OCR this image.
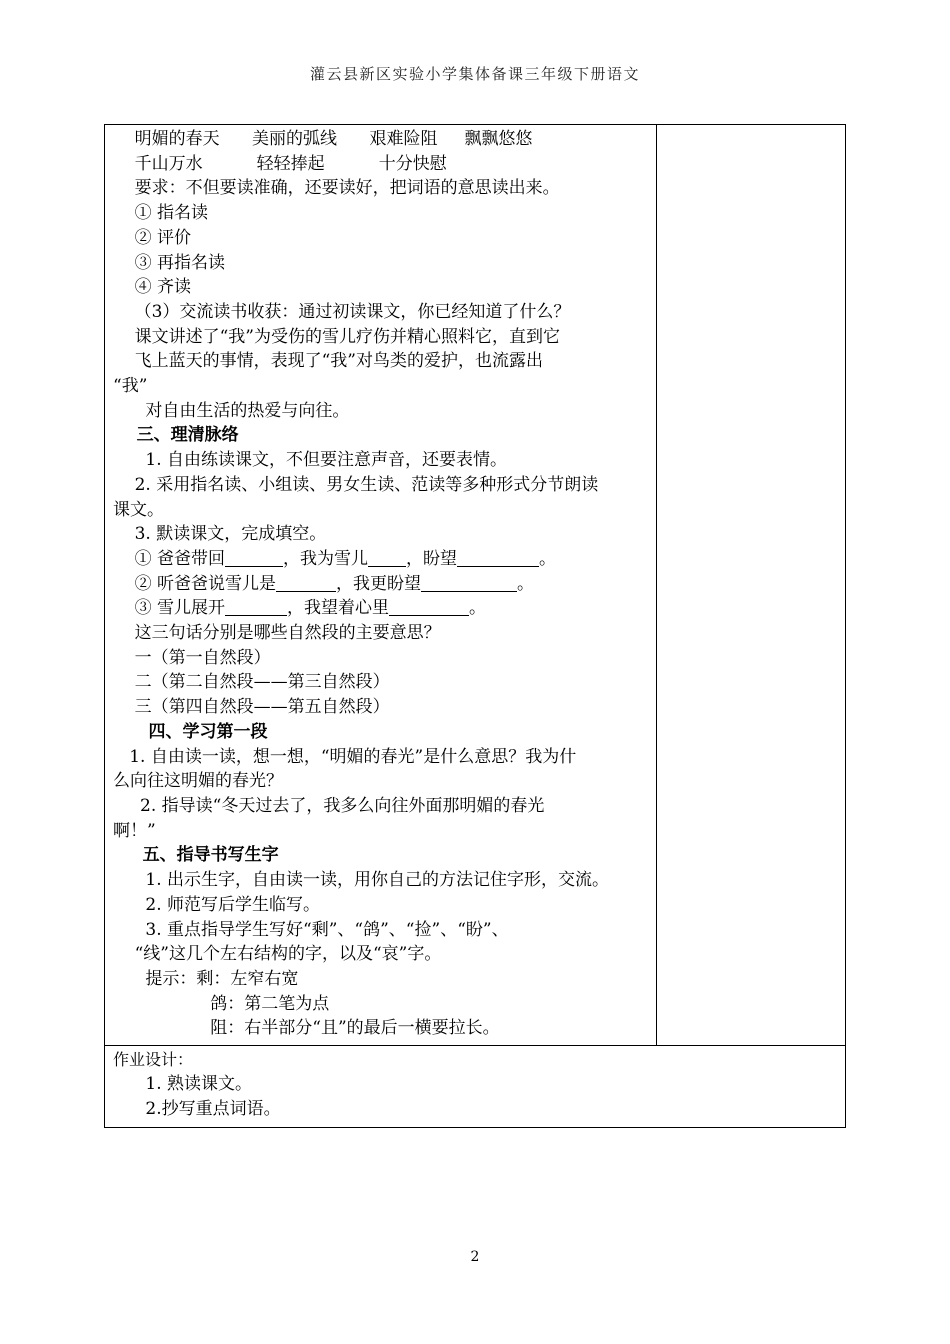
灌云县新区实验小学集体备课三年级下册语文
明媚的春天      美丽的弧线      艰难险阻     飘飘悠悠
千山万水          轻轻捧起          十分快慰
要求：不但要读准确，还要读好，把词语的意思读出来。
① 指名读
② 评价
③ 再指名读
④ 齐读
（3）交流读书收获：通过初读课文，你已经知道了什么？
课文讲述了“我”为受伤的雪儿疗伤并精心照料它，直到它
飞上蓝天的事情，表现了“我”对鸟类的爱护，也流露出
“我”
对自由生活的热爱与向往。
三、理清脉络
1. 自由练读课文，不但要注意声音，还要表情。
2. 采用指名读、小组读、男女生读、范读等多种形式分节朗读
课文。
3. 默读课文，完成填空。
① 爸爸带回	，我为雪儿 ，盼望	。
② 听爸爸说雪儿是	，我更盼望	。
③ 雪儿展开	，我望着心里	。
这三句话分别是哪些自然段的主要意思？
一（第一自然段）
二（第二自然段——第三自然段）
三（第四自然段——第五自然段）
四、学习第一段
1. 自由读一读，想一想，“明媚的春光”是什么意思？我为什
么向往这明媚的春光？
2. 指导读“冬天过去了，我多么向往外面那明媚的春光
啊！”
五、指导书写生字
1. 出示生字，自由读一读，用你自己的方法记住字形，交流。
2. 师范写后学生临写。
3. 重点指导学生写好“剩”、“鸽”、“捡”、“盼”、
“线”这几个左右结构的字，以及“哀”字。
提示：剩：左窄右宽
鸽：第二笔为点
阻：右半部分“且”的最后一横要拉长。

作业设计：
1. 熟读课文。
2.抄写重点词语。
2
